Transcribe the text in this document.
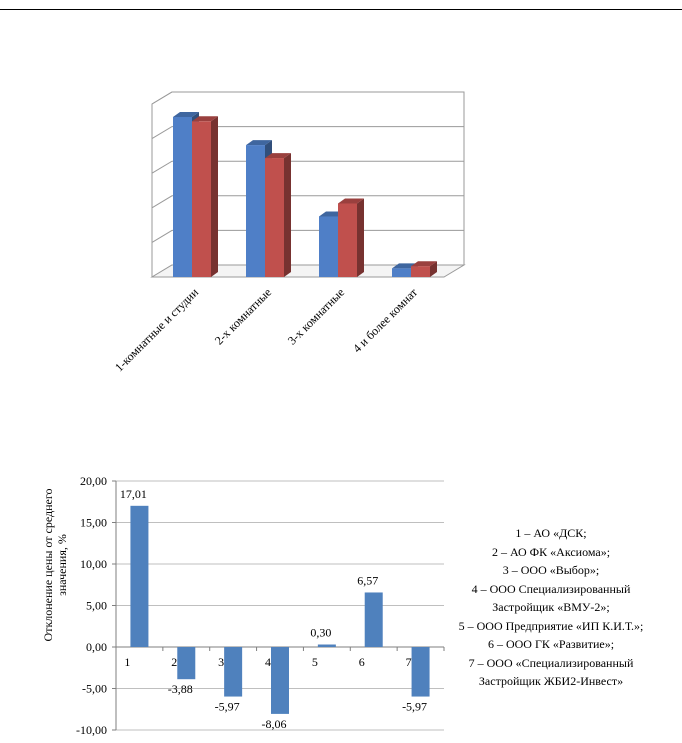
1-комнатные и студии 2-х комнатные 3-х комнатные 4 и более комнат
20,00
15,00
10,00
5,00
0,00
-5,00
-10,00
1
17,01
2
-3,88
3
-5,97
4
-8,06
5
0,30
6
6,57
7
-5,97
Отклонение цены от среднегозначения, %
1 – АО «ДСК;
2 – АО ФК «Аксиома»;
3 – ООО «Выбор»;
4 – ООО Специализированный
Застройщик «ВМУ-2»;
5 – ООО Предприятие «ИП К.И.Т.»;
6 – ООО ГК «Развитие»;
7 – ООО «Специализированный
Застройщик ЖБИ2-Инвест»
